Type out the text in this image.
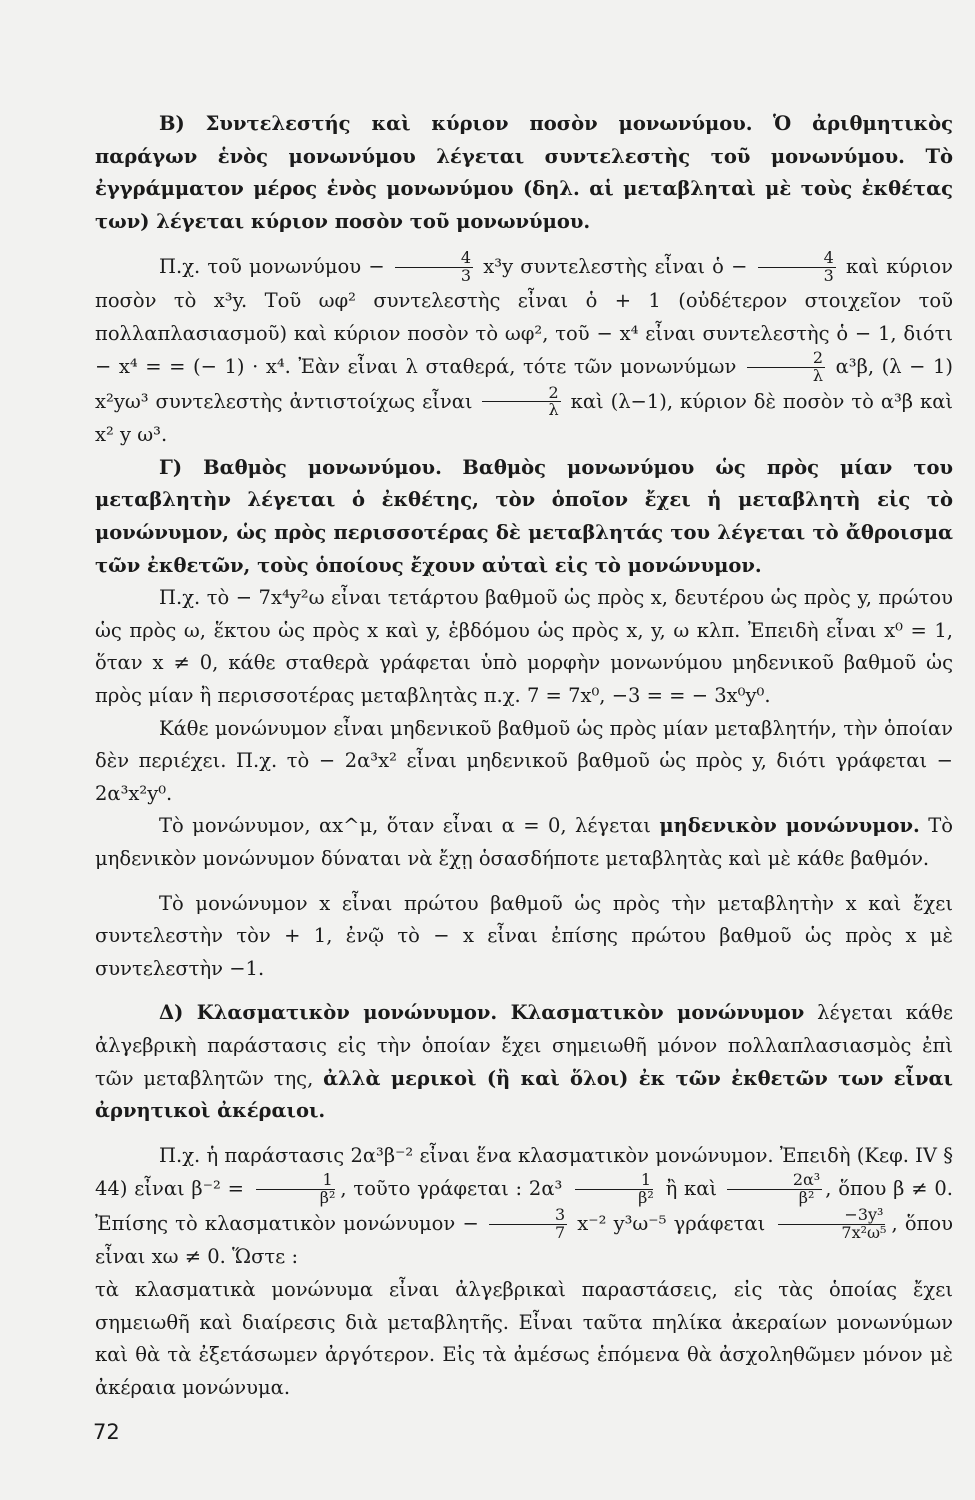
Β) Συντελεστής καὶ κύριον ποσὸν μονωνύμου. Ὁ ἀριθμητικὸς παράγων ἑνὸς μονωνύμου λέγεται συντελεστὴς τοῦ μονωνύμου. Τὸ ἐγγράμματον μέρος ἑνὸς μονωνύμου (δηλ. αἱ μεταβληταὶ μὲ τοὺς ἐκθέτας των) λέγεται κύριον ποσὸν τοῦ μονωνύμου.

Π.χ. τοῦ $\mu o\nu\omega\nu ύ\mu o\upsilon - \frac{4}{3} x^3y$ συντελεστὴς εἶναι ὁ − $\frac{4}{3}$ καὶ κύριον ποσὸν τὸ x³y. Τοῦ ωφ² συντελεστὴς εἶναι ὁ + 1 (οὐδέτερον στοιχεῖον τοῦ πολλαπλασιασμοῦ) καὶ κύριον ποσὸν τὸ ωφ², τοῦ − x⁴ εἶναι συντελεστὴς ὁ − 1, διότι − x⁴ = = (− 1) · x⁴. Ἐὰν εἶναι λ σταθερά, τότε τῶν μονωνύμων $\frac{2}{\lambda} \alpha^3\beta$, (λ − 1) x²yω³ συντελεστὴς ἀντιστοίχως εἶναι $\frac{2}{\lambda}$ καὶ (λ−1), κύριον δὲ ποσὸν τὸ α³β καὶ x² y ω³.

Γ) Βαθμὸς μονωνύμου. Βαθμὸς μονωνύμου ὡς πρὸς μίαν του μεταβλητὴν λέγεται ὁ ἐκθέτης, τὸν ὁποῖον ἔχει ἡ μεταβλητὴ εἰς τὸ μονώνυμον, ὡς πρὸς περισσοτέρας δὲ μεταβλητάς του λέγεται τὸ ἄθροισμα τῶν ἐκθετῶν, τοὺς ὁποίους ἔχουν αὐταὶ εἰς τὸ μονώνυμον.

Π.χ. τὸ − 7x⁴y²ω εἶναι τετάρτου βαθμοῦ ὡς πρὸς x, δευτέρου ὡς πρὸς y, πρώτου ὡς πρὸς ω, ἕκτου ὡς πρὸς x καὶ y, ἑβδόμου ὡς πρὸς x, y, ω κλπ. Ἐπειδὴ εἶναι x⁰ = 1, ὅταν x ≠ 0, κάθε σταθερὰ γράφεται ὑπὸ μορφὴν μονωνύμου μηδενικοῦ βαθμοῦ ὡς πρὸς μίαν ἢ περισσοτέρας μεταβλητὰς π.χ. 7 = 7x⁰, −3 = = − 3x⁰y⁰.

Κάθε μονώνυμον εἶναι μηδενικοῦ βαθμοῦ ὡς πρὸς μίαν μεταβλητήν, τὴν ὁποίαν δὲν περιέχει. Π.χ. τὸ − 2α³x² εἶναι μηδενικοῦ βαθμοῦ ὡς πρὸς y, διότι γράφεται − 2α³x²y⁰.

Τὸ μονώνυμον, αx^μ, ὅταν εἶναι α = 0, λέγεται μηδενικὸν μονώνυμον. Τὸ μηδενικὸν μονώνυμον δύναται νὰ ἔχῃ ὁσασδήποτε μεταβλητὰς καὶ μὲ κάθε βαθμόν.

Τὸ μονώνυμον x εἶναι πρώτου βαθμοῦ ὡς πρὸς τὴν μεταβλητὴν x καὶ ἔχει συντελεστὴν τὸν + 1, ἐνῷ τὸ − x εἶναι ἐπίσης πρώτου βαθμοῦ ὡς πρὸς x μὲ συντελεστὴν −1.

Δ) Κλασματικὸν μονώνυμον. Κλασματικὸν μονώνυμον λέγεται κάθε ἀλγεβρικὴ παράστασις εἰς τὴν ὁποίαν ἔχει σημειωθῆ μόνον πολλαπλασιασμὸς ἐπὶ τῶν μεταβλητῶν της, ἀλλὰ μερικοὶ (ἢ καὶ ὅλοι) ἐκ τῶν ἐκθετῶν των εἶναι ἀρνητικοὶ ἀκέραιοι.

Π.χ. ἡ παράστασις 2α³β⁻² εἶναι ἕνα κλασματικὸν μονώνυμον. Ἐπειδὴ (Κεφ. IV § 44) εἶναι $\beta^{-2} = \frac{1}{\text{β²}}$ , τοῦτο γράφεται : $2\alpha^3 \frac{1}{\text{β²}}$ ἢ καὶ $\frac{\text{2α³}}{\text{β²}}$ , ὅπου β ≠ 0. Ἐπίσης τὸ κλασματικὸν $\mu o\nu ώ\nu\upsilon\mu o\nu - \frac{3}{7} x^{-2}$ y³ω⁻⁵ γράφεται $\frac{\text{−3y³}}{\text{7x²ω⁵}}$ , ὅπου εἶναι xω ≠ 0. Ὥστε :

τὰ κλασματικὰ μονώνυμα εἶναι ἀλγεβρικαὶ παραστάσεις, εἰς τὰς ὁποίας ἔχει σημειωθῆ καὶ διαίρεσις διὰ μεταβλητῆς. Εἶναι ταῦτα πηλίκα ἀκεραίων μονωνύμων καὶ θὰ τὰ ἐξετάσωμεν ἀργότερον. Εἰς τὰ ἀμέσως ἑπόμενα θὰ ἀσχοληθῶμεν μόνον μὲ ἀκέραια μονώνυμα.

72
